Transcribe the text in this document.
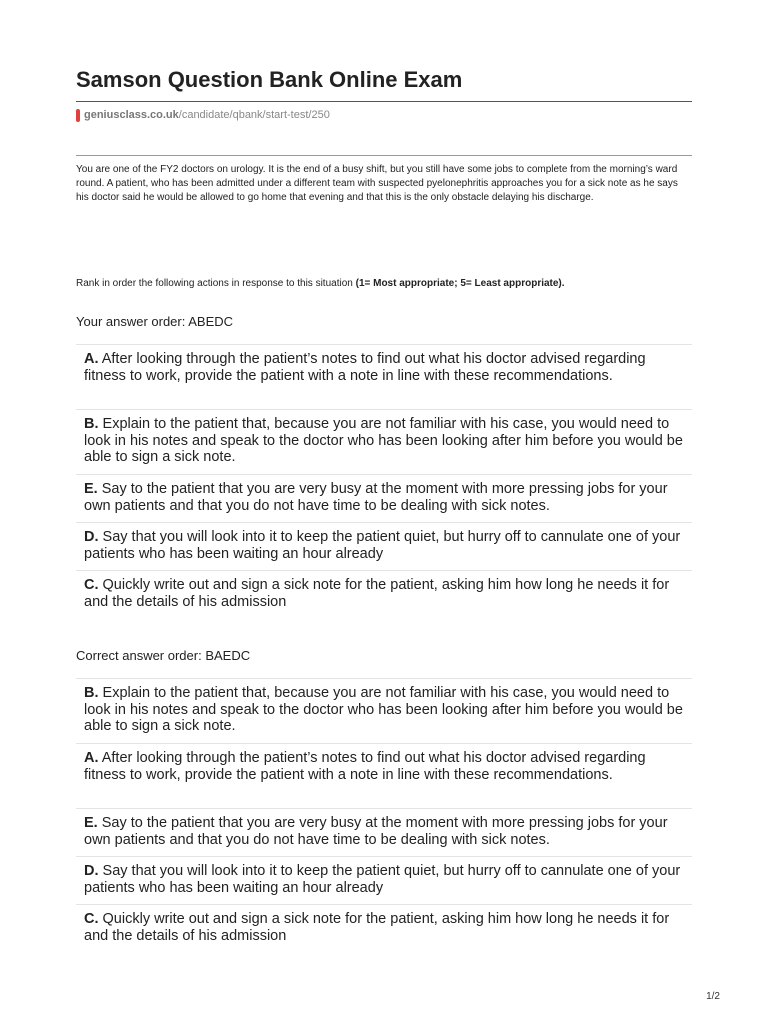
Samson Question Bank Online Exam
geniusclass.co.uk /candidate/qbank/start-test/250

You are one of the FY2 doctors on urology. It is the end of a busy shift, but you still have some jobs to complete from the morning’s ward round. A patient, who has been admitted under a different team with suspected pyelonephritis approaches you for a sick note as he says his doctor said he would be allowed to go home that evening and that this is the only obstacle delaying his discharge.

Rank in order the following actions in response to this situation (1= Most appropriate; 5= Least appropriate).

Your answer order: ABEDC

A. After looking through the patient’s notes to find out what his doctor advised regarding fitness to work, provide the patient with a note in line with these recommendations.
B. Explain to the patient that, because you are not familiar with his case, you would need to look in his notes and speak to the doctor who has been looking after him before you would be able to sign a sick note.
E. Say to the patient that you are very busy at the moment with more pressing jobs for your own patients and that you do not have time to be dealing with sick notes.
D. Say that you will look into it to keep the patient quiet, but hurry off to cannulate one of your patients who has been waiting an hour already
C. Quickly write out and sign a sick note for the patient, asking him how long he needs it for and the details of his admission

Correct answer order: BAEDC

B. Explain to the patient that, because you are not familiar with his case, you would need to look in his notes and speak to the doctor who has been looking after him before you would be able to sign a sick note.
A. After looking through the patient’s notes to find out what his doctor advised regarding fitness to work, provide the patient with a note in line with these recommendations.
E. Say to the patient that you are very busy at the moment with more pressing jobs for your own patients and that you do not have time to be dealing with sick notes.
D. Say that you will look into it to keep the patient quiet, but hurry off to cannulate one of your patients who has been waiting an hour already
C. Quickly write out and sign a sick note for the patient, asking him how long he needs it for and the details of his admission
1/2
